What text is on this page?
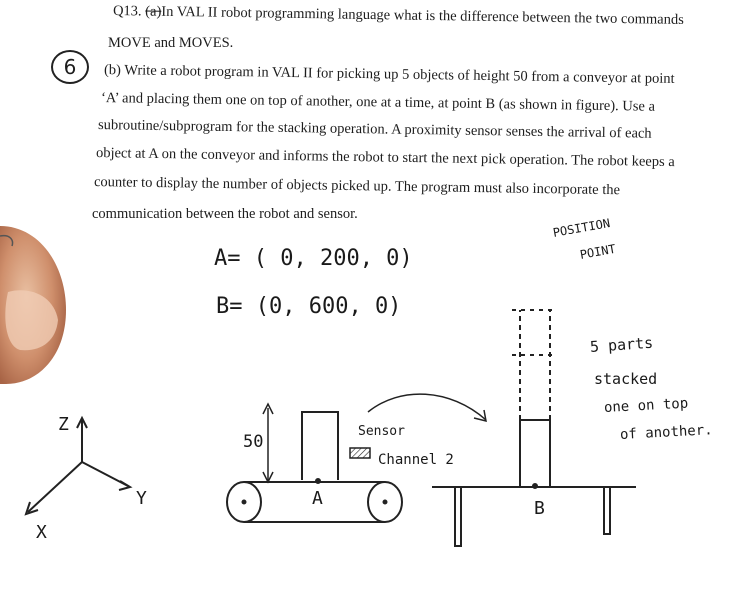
Q13. (a)In VAL II robot programming language what is the difference between the two commands
MOVE and MOVES.
6	(b) Write a robot program in VAL II for picking up 5 objects of height 50 from a conveyor at point
‘A’ and placing them one on top of another, one at a time, at point B (as shown in figure). Use a
subroutine/subprogram for the stacking operation. A proximity sensor senses the arrival of each
object at A on the conveyor and informs the robot to start the next pick operation. The robot keeps a
counter to display the number of objects picked up. The program must also incorporate the
communication between the robot and sensor.
A= ( 0, 200, 0)
B= (0, 600, 0)
POSITION
POINT
5 parts
stacked
one on top
of another.
Z
Y
X
50
A	B
Sensor
Channel 2
